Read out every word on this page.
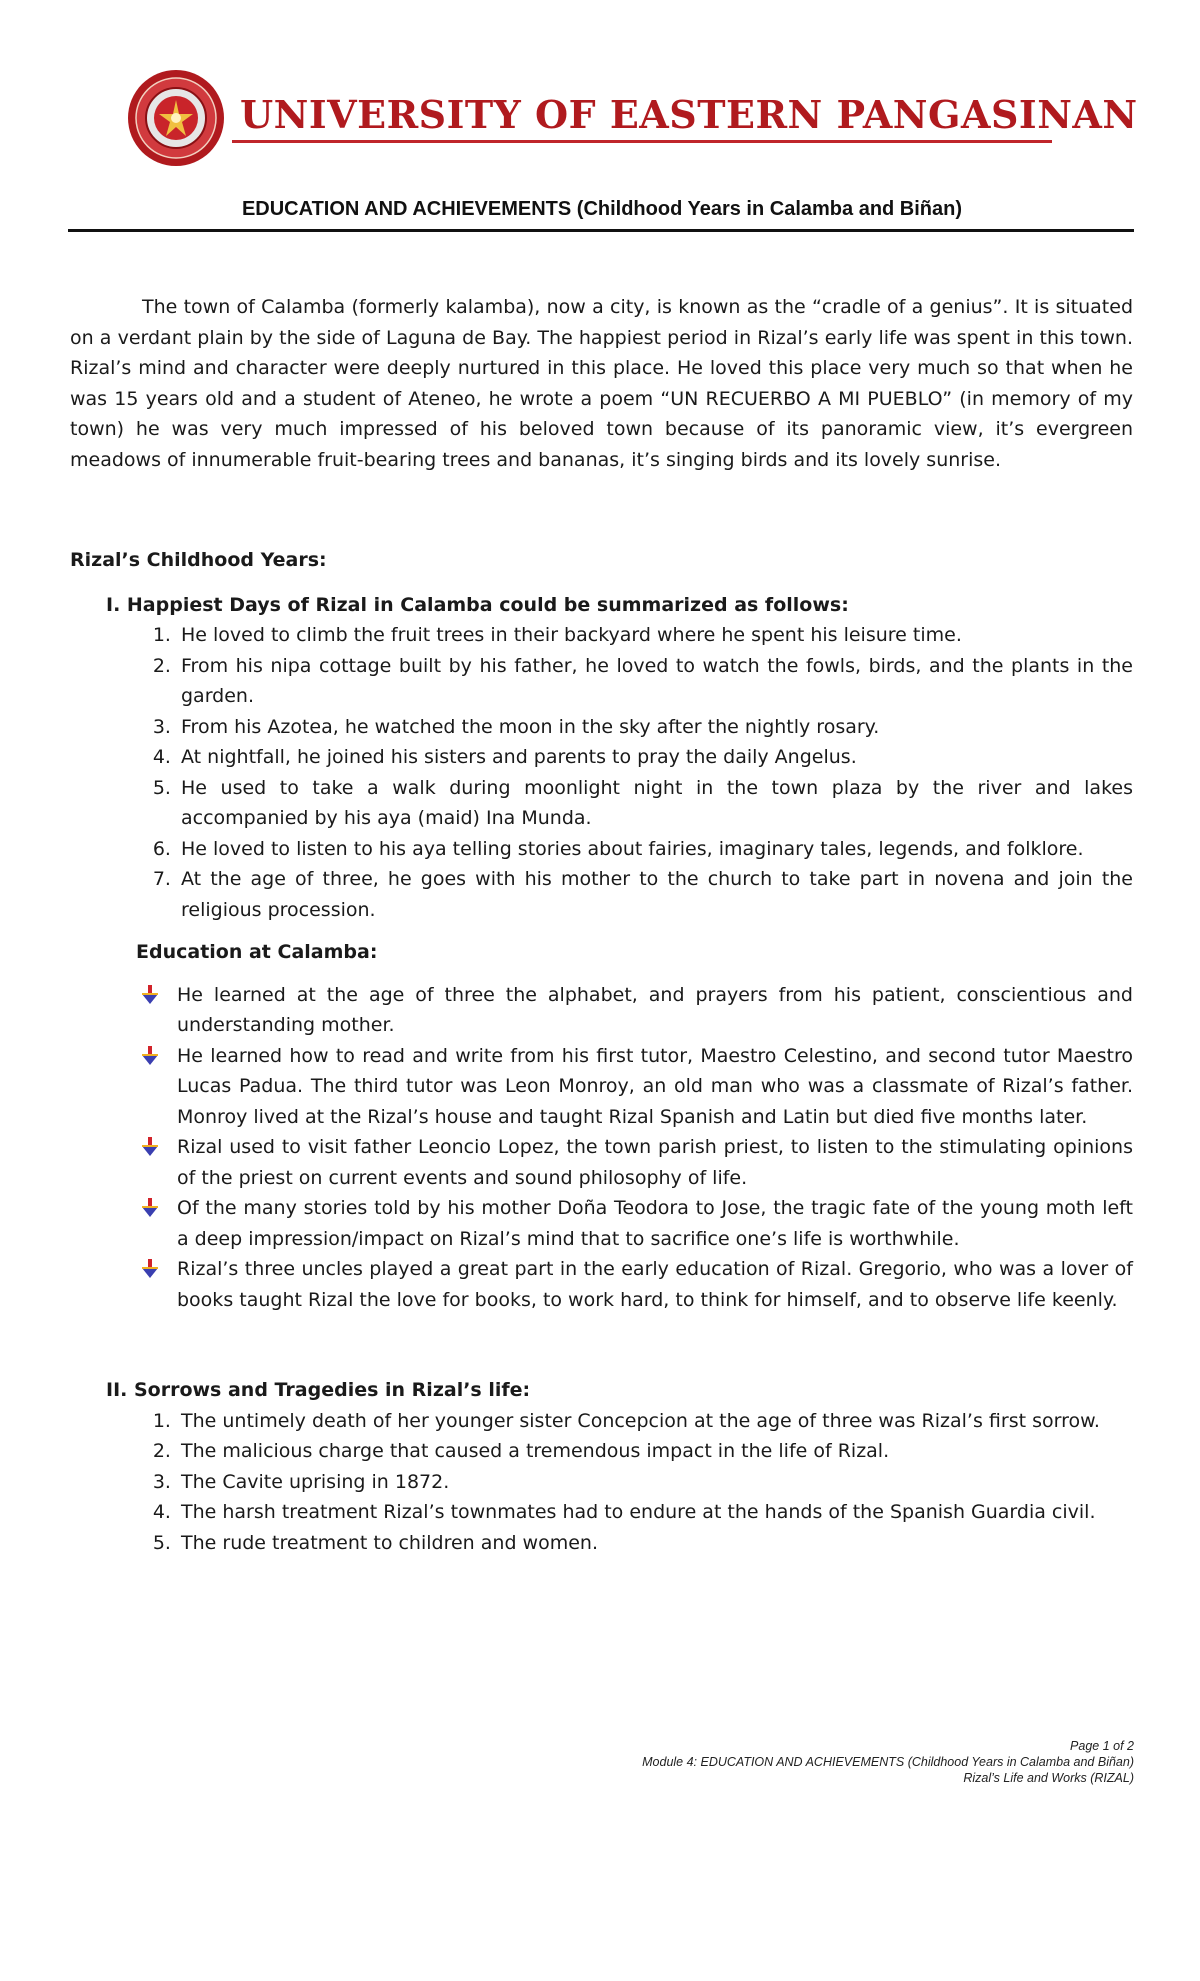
UNIVERSITY OF EASTERN PANGASINAN
EDUCATION AND ACHIEVEMENTS (Childhood Years in Calamba and Biñan)

The town of Calamba (formerly kalamba), now a city, is known as the “cradle of a genius”. It is situated on a verdant plain by the side of Laguna de Bay. The happiest period in Rizal’s early life was spent in this town. Rizal’s mind and character were deeply nurtured in this place. He loved this place very much so that when he was 15 years old and a student of Ateneo, he wrote a poem “UN RECUERBO A MI PUEBLO” (in memory of my town) he was very much impressed of his beloved town because of its panoramic view, it’s evergreen meadows of innumerable fruit-bearing trees and bananas, it’s singing birds and its lovely sunrise.

Rizal’s Childhood Years:

I. Happiest Days of Rizal in Calamba could be summarized as follows:

1. He loved to climb the fruit trees in their backyard where he spent his leisure time.
2. From his nipa cottage built by his father, he loved to watch the fowls, birds, and the plants in the garden.
3. From his Azotea, he watched the moon in the sky after the nightly rosary.
4. At nightfall, he joined his sisters and parents to pray the daily Angelus.
5. He used to take a walk during moonlight night in the town plaza by the river and lakes accompanied by his aya (maid) Ina Munda.
6. He loved to listen to his aya telling stories about fairies, imaginary tales, legends, and folklore.
7. At the age of three, he goes with his mother to the church to take part in novena and join the religious procession.

Education at Calamba:

He learned at the age of three the alphabet, and prayers from his patient, conscientious and understanding mother.
He learned how to read and write from his first tutor, Maestro Celestino, and second tutor Maestro Lucas Padua. The third tutor was Leon Monroy, an old man who was a classmate of Rizal’s father. Monroy lived at the Rizal’s house and taught Rizal Spanish and Latin but died five months later.
Rizal used to visit father Leoncio Lopez, the town parish priest, to listen to the stimulating opinions of the priest on current events and sound philosophy of life.
Of the many stories told by his mother Doña Teodora to Jose, the tragic fate of the young moth left a deep impression/impact on Rizal’s mind that to sacrifice one’s life is worthwhile.
Rizal’s three uncles played a great part in the early education of Rizal. Gregorio, who was a lover of books taught Rizal the love for books, to work hard, to think for himself, and to observe life keenly.

II. Sorrows and Tragedies in Rizal’s life:

1. The untimely death of her younger sister Concepcion at the age of three was Rizal’s first sorrow.
2. The malicious charge that caused a tremendous impact in the life of Rizal.
3. The Cavite uprising in 1872.
4. The harsh treatment Rizal’s townmates had to endure at the hands of the Spanish Guardia civil.
5. The rude treatment to children and women.
Page 1 of 2
Module 4: EDUCATION AND ACHIEVEMENTS (Childhood Years in Calamba and Biñan)
Rizal’s Life and Works (RIZAL)
